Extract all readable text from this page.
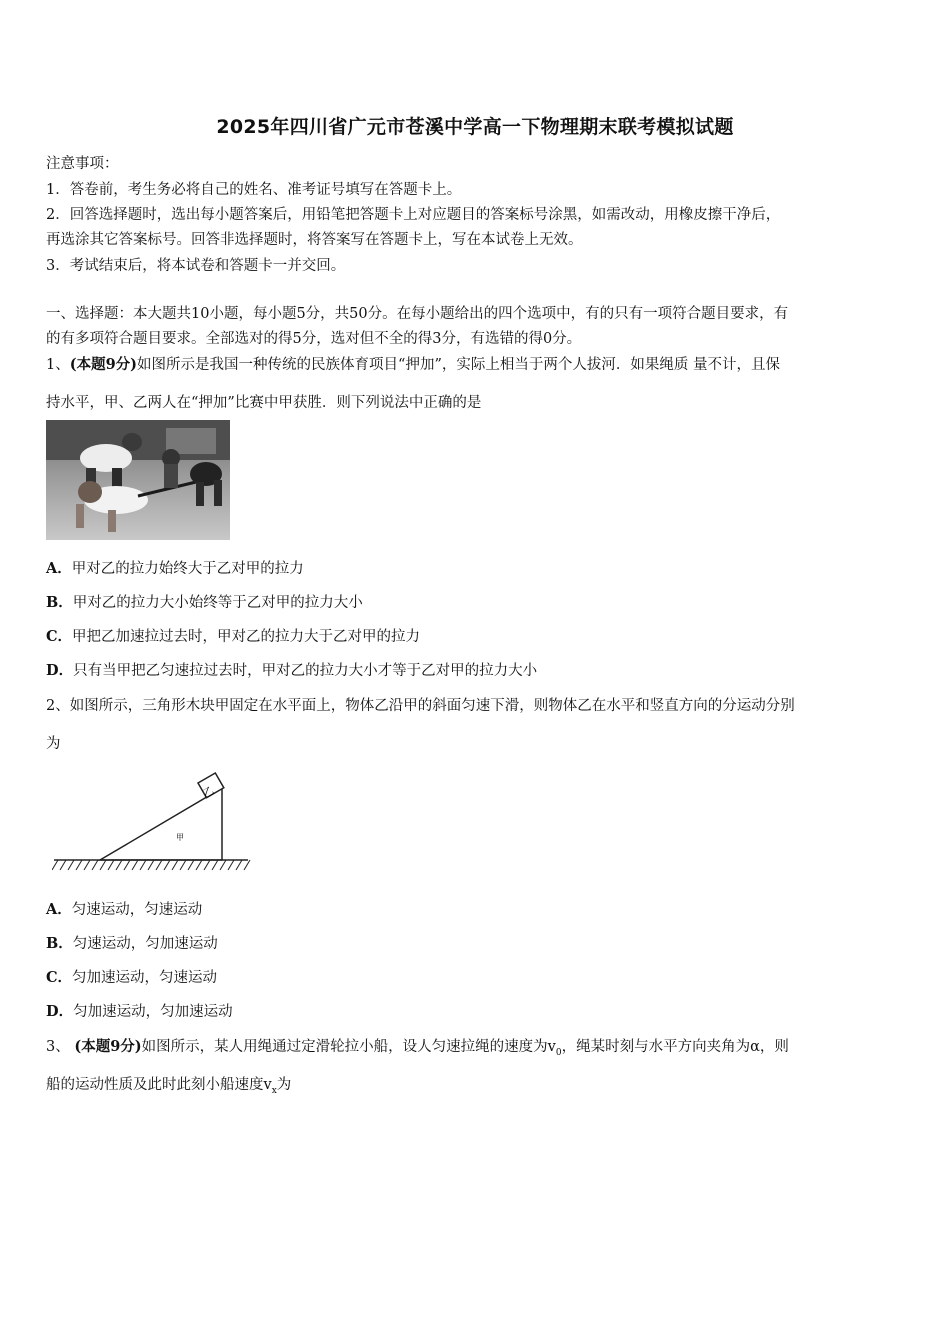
2025年四川省广元市苍溪中学高一下物理期末联考模拟试题
注意事项：
1．答卷前，考生务必将自己的姓名、准考证号填写在答题卡上。
2．回答选择题时，选出每小题答案后，用铅笔把答题卡上对应题目的答案标号涂黑，如需改动，用橡皮擦干净后，
再选涂其它答案标号。回答非选择题时，将答案写在答题卡上，写在本试卷上无效。
3．考试结束后，将本试卷和答题卡一并交回。
一、选择题：本大题共10小题，每小题5分，共50分。在每小题给出的四个选项中，有的只有一项符合题目要求，有
的有多项符合题目要求。全部选对的得5分，选对但不全的得3分，有选错的得0分。
1、(本题9分)如图所示是我国一种传统的民族体育项目“押加”，实际上相当于两个人拔河．如果绳质 量不计，且保
持水平，甲、乙两人在“押加”比赛中甲获胜．则下列说法中正确的是
A．甲对乙的拉力始终大于乙对甲的拉力
B．甲对乙的拉力大小始终等于乙对甲的拉力大小
C．甲把乙加速拉过去时，甲对乙的拉力大于乙对甲的拉力
D．只有当甲把乙匀速拉过去时，甲对乙的拉力大小才等于乙对甲的拉力大小
2、如图所示，三角形木块甲固定在水平面上，物体乙沿甲的斜面匀速下滑，则物体乙在水平和竖直方向的分运动分别
为
乙
甲
A．匀速运动，匀速运动
B．匀速运动，匀加速运动
C．匀加速运动，匀速运动
D．匀加速运动，匀加速运动
3、 (本题9分)如图所示，某人用绳通过定滑轮拉小船，设人匀速拉绳的速度为$v_0$，绳某时刻与水平方向夹角为α，则
船的运动性质及此时此刻小船速度$v_x$为
